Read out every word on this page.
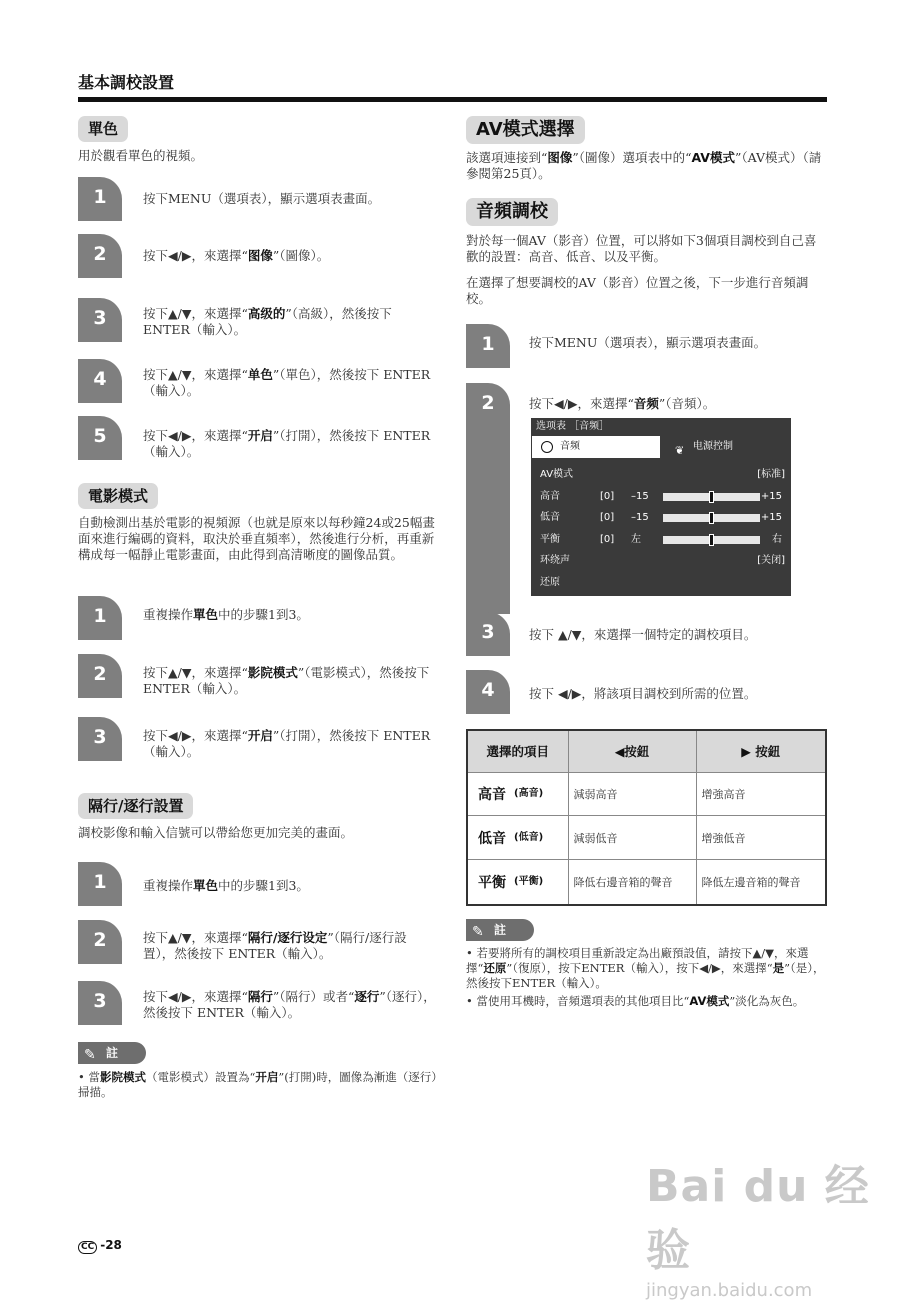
基本調校設置
單色
用於觀看單色的視頻。
1	按下MENU（選項表），顯示選項表畫面。
2	按下◀/▶，來選擇“图像”（圖像）。
3	按下▲/▼，來選擇“高级的”（高級），然後按下 ENTER（輸入）。
4	按下▲/▼，來選擇“单色”（單色），然後按下 ENTER（輸入）。
5	按下◀/▶，來選擇“开启”（打開），然後按下 ENTER（輸入）。
電影模式
自動檢測出基於電影的視頻源（也就是原來以每秒鐘24或25幅畫面來進行編碼的資料，取決於垂直頻率），然後進行分析，再重新構成每一幅靜止電影畫面，由此得到高清晰度的圖像品質。
1	重複操作單色中的步驟1到3。
2	按下▲/▼，來選擇“影院模式”（電影模式），然後按下 ENTER（輸入）。
3	按下◀/▶，來選擇“开启”（打開），然後按下 ENTER（輸入）。
隔行/逐行設置
調校影像和輸入信號可以帶給您更加完美的畫面。
1	重複操作單色中的步驟1到3。
2	按下▲/▼，來選擇“隔行/逐行设定”（隔行/逐行設置），然後按下 ENTER（輸入）。
3	按下◀/▶，來選擇“隔行”（隔行）或者“逐行”（逐行），然後按下 ENTER（輸入）。
✎ 註
• 當影院模式（電影模式）設置為“开启”(打開)時，圖像為漸進（逐行）掃描。
AV模式選擇
該選項連接到“图像”（圖像）選項表中的“AV模式”（AV模式）（請參閱第25頁）。
音頻調校
對於每一個AV（影音）位置，可以將如下3個項目調校到自己喜歡的設置：高音、低音、以及平衡。
在選擇了想要調校的AV（影音）位置之後，下一步進行音頻調校。
1	按下MENU（選項表），顯示選項表畫面。
2	按下◀/▶，來選擇“音频”（音頻）。
选项表 ［音频］
音频	❦ 电源控制
AV模式	[标准]
高音	[0] –15	+15
低音	[0] –15	+15
平衡	[0] 左	右
环绕声	[关闭]
还原
3	按下 ▲/▼，來選擇一個特定的調校項目。
4	按下 ◀/▶，將該項目調校到所需的位置。
選擇的項目	◀按鈕	▶ 按鈕
高音 $^{(高音)}$	減弱高音	增強高音
低音 $^{(低音)}$	減弱低音	增強低音
平衡 $^{(平衡)}$	降低右邊音箱的聲音	降低左邊音箱的聲音
✎ 註
• 若要將所有的調校項目重新設定為出廠預設值，請按下▲/▼，來選擇“还原”（復原），按下ENTER（輸入），按下◀/▶，來選擇“是”（是），然後按下ENTER（輸入）。
• 當使用耳機時，音頻選項表的其他項目比“AV模式”淡化為灰色。
CC -28
Bai du 经验
jingyan.baidu.com
